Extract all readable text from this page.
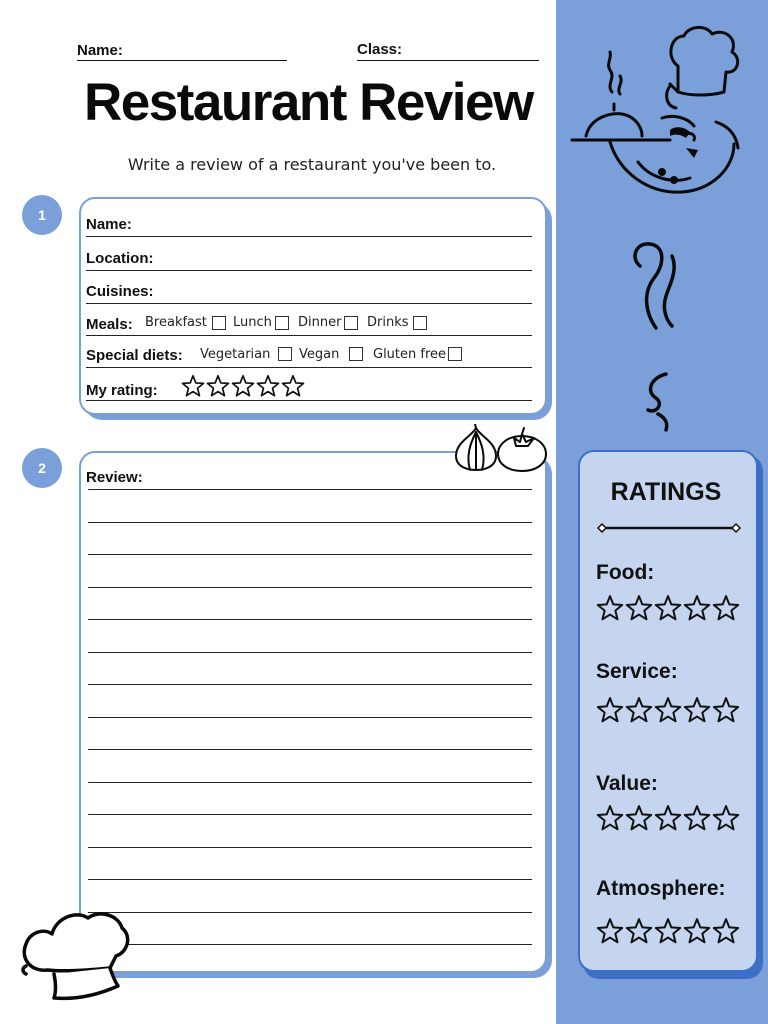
Name:	Class:
Restaurant Review
Write a review of a restaurant you've been to.
1
Name:
Location:
Cuisines:
Meals: Breakfast Lunch Dinner Drinks
Special diets: Vegetarian Vegan	Gluten free
My rating:
2
Review:
RATINGS
Food:
Service:
Value:
Atmosphere:
